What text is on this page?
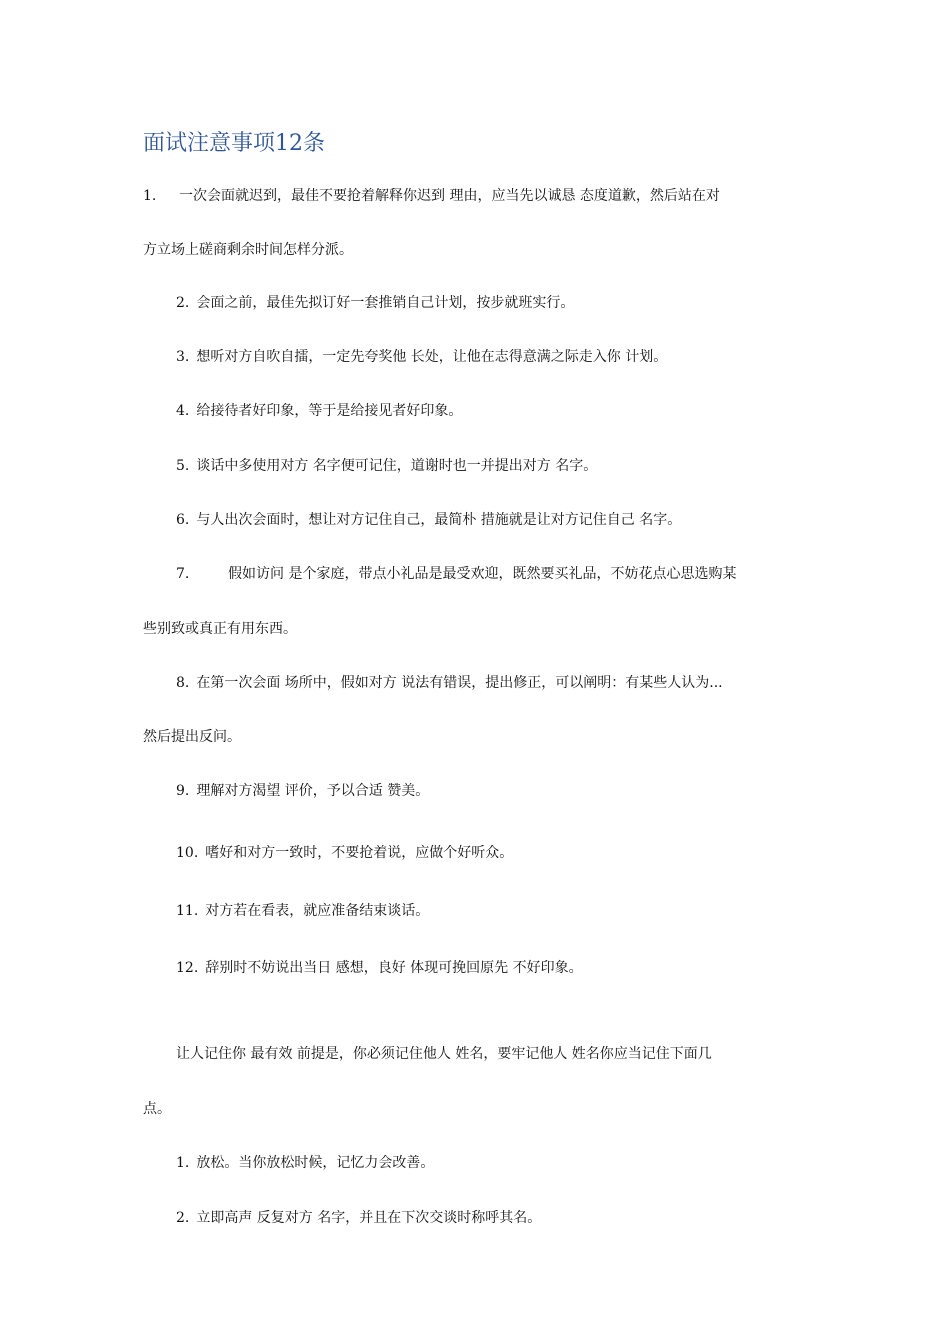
面试注意事项12条
1. 一次会面就迟到，最佳不要抢着解释你迟到 理由，应当先以诚恳 态度道歉，然后站在对
方立场上磋商剩余时间怎样分派。
2. 会面之前，最佳先拟订好一套推销自己计划，按步就班实行。
3. 想听对方自吹自擂，一定先夸奖他 长处，让他在志得意满之际走入你 计划。
4. 给接待者好印象，等于是给接见者好印象。
5. 谈话中多使用对方 名字便可记住，道谢时也一并提出对方 名字。
6. 与人出次会面时，想让对方记住自己，最简朴 措施就是让对方记住自己 名字。
7.	假如访问 是个家庭，带点小礼品是最受欢迎，既然要买礼品，不妨花点心思选购某
些别致或真正有用东西。
8. 在第一次会面 场所中，假如对方 说法有错误，提出修正，可以阐明：有某些人认为...
然后提出反问。
9. 理解对方渴望 评价，予以合适 赞美。
10. 嗜好和对方一致时，不要抢着说，应做个好听众。
11. 对方若在看表，就应准备结束谈话。
12. 辞别时不妨说出当日 感想，良好 体现可挽回原先 不好印象。
让人记住你 最有效 前提是，你必须记住他人 姓名，要牢记他人 姓名你应当记住下面几
点。
1. 放松。当你放松时候，记忆力会改善。
2. 立即高声 反复对方 名字，并且在下次交谈时称呼其名。
